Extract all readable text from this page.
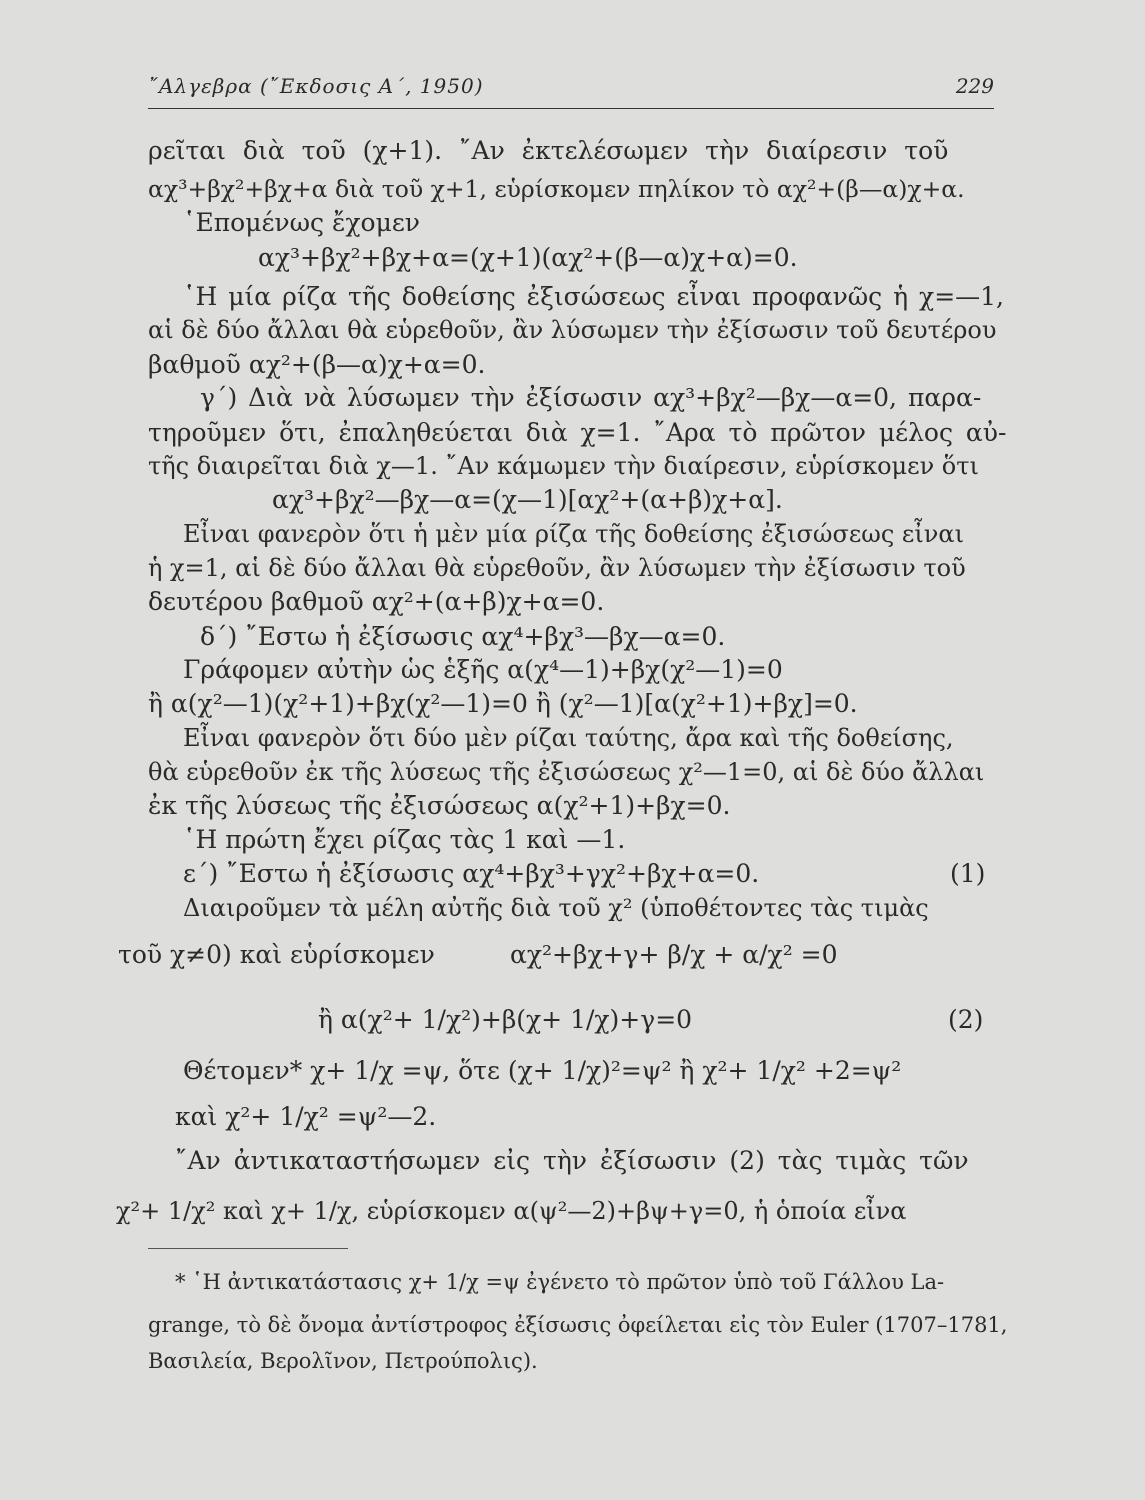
῎Αλγεβρα (῎Εκδοσις Α΄, 1950)	229
ρεῖται διὰ τοῦ (χ+1). ῎Αν ἐκτελέσωμεν τὴν διαίρεσιν τοῦ
αχ³+βχ²+βχ+α διὰ τοῦ χ+1, εὑρίσκομεν πηλίκον τὸ αχ²+(β—α)χ+α.
῾Επομένως ἔχομεν
αχ³+βχ²+βχ+α=(χ+1)(αχ²+(β—α)χ+α)=0.
῾Η μία ρίζα τῆς δοθείσης ἐξισώσεως εἶναι προφανῶς ἡ χ=—1,
αἱ δὲ δύο ἄλλαι θὰ εὑρεθοῦν, ἂν λύσωμεν τὴν ἐξίσωσιν τοῦ δευτέρου
βαθμοῦ αχ²+(β—α)χ+α=0.
γ΄) Διὰ νὰ λύσωμεν τὴν ἐξίσωσιν αχ³+βχ²—βχ—α=0, παρα-
τηροῦμεν ὅτι, ἐπαληθεύεται διὰ χ=1. ῎Αρα τὸ πρῶτον μέλος αὐ-
τῆς διαιρεῖται διὰ χ—1. ῎Αν κάμωμεν τὴν διαίρεσιν, εὑρίσκομεν ὅτι
αχ³+βχ²—βχ—α=(χ—1)[αχ²+(α+β)χ+α].
Εἶναι φανερὸν ὅτι ἡ μὲν μία ρίζα τῆς δοθείσης ἐξισώσεως εἶναι
ἡ χ=1, αἱ δὲ δύο ἄλλαι θὰ εὑρεθοῦν, ἂν λύσωμεν τὴν ἐξίσωσιν τοῦ
δευτέρου βαθμοῦ αχ²+(α+β)χ+α=0.
δ΄) ῎Εστω ἡ ἐξίσωσις αχ⁴+βχ³—βχ—α=0.
Γράφομεν αὐτὴν ὡς ἑξῆς α(χ⁴—1)+βχ(χ²—1)=0
ἢ α(χ²—1)(χ²+1)+βχ(χ²—1)=0 ἢ (χ²—1)[α(χ²+1)+βχ]=0.
Εἶναι φανερὸν ὅτι δύο μὲν ρίζαι ταύτης, ἄρα καὶ τῆς δοθείσης,
θὰ εὑρεθοῦν ἐκ τῆς λύσεως τῆς ἐξισώσεως χ²—1=0, αἱ δὲ δύο ἄλλαι
ἐκ τῆς λύσεως τῆς ἐξισώσεως α(χ²+1)+βχ=0.
῾Η πρώτη ἔχει ρίζας τὰς 1 καὶ —1.
ε΄) ῎Εστω ἡ ἐξίσωσις αχ⁴+βχ³+γχ²+βχ+α=0.	(1)
Διαιροῦμεν τὰ μέλη αὐτῆς διὰ τοῦ χ² (ὑποθέτοντες τὰς τιμὰς
τοῦ χ≠0) καὶ εὑρίσκομεν	αχ²+βχ+γ+ β/χ + α/χ² =0
ἢ α(χ²+ 1/χ²)+β(χ+ 1/χ)+γ=0	(2)
Θέτομεν* χ+ 1/χ =ψ, ὅτε (χ+ 1/χ)²=ψ² ἢ χ²+ 1/χ² +2=ψ²
καὶ χ²+ 1/χ² =ψ²—2.
῎Αν ἀντικαταστήσωμεν εἰς τὴν ἐξίσωσιν (2) τὰς τιμὰς τῶν
χ²+ 1/χ² καὶ χ+ 1/χ, εὑρίσκομεν α(ψ²—2)+βψ+γ=0, ἡ ὁποία εἶνα
* ῾Η ἀντικατάστασις χ+ 1/χ =ψ ἐγένετο τὸ πρῶτον ὑπὸ τοῦ Γάλλου La-
grange, τὸ δὲ ὄνομα ἀντίστροφος ἐξίσωσις ὀφείλεται εἰς τὸν Euler (1707–1781,
Βασιλεία, Βερολῖνον, Πετρούπολις).
